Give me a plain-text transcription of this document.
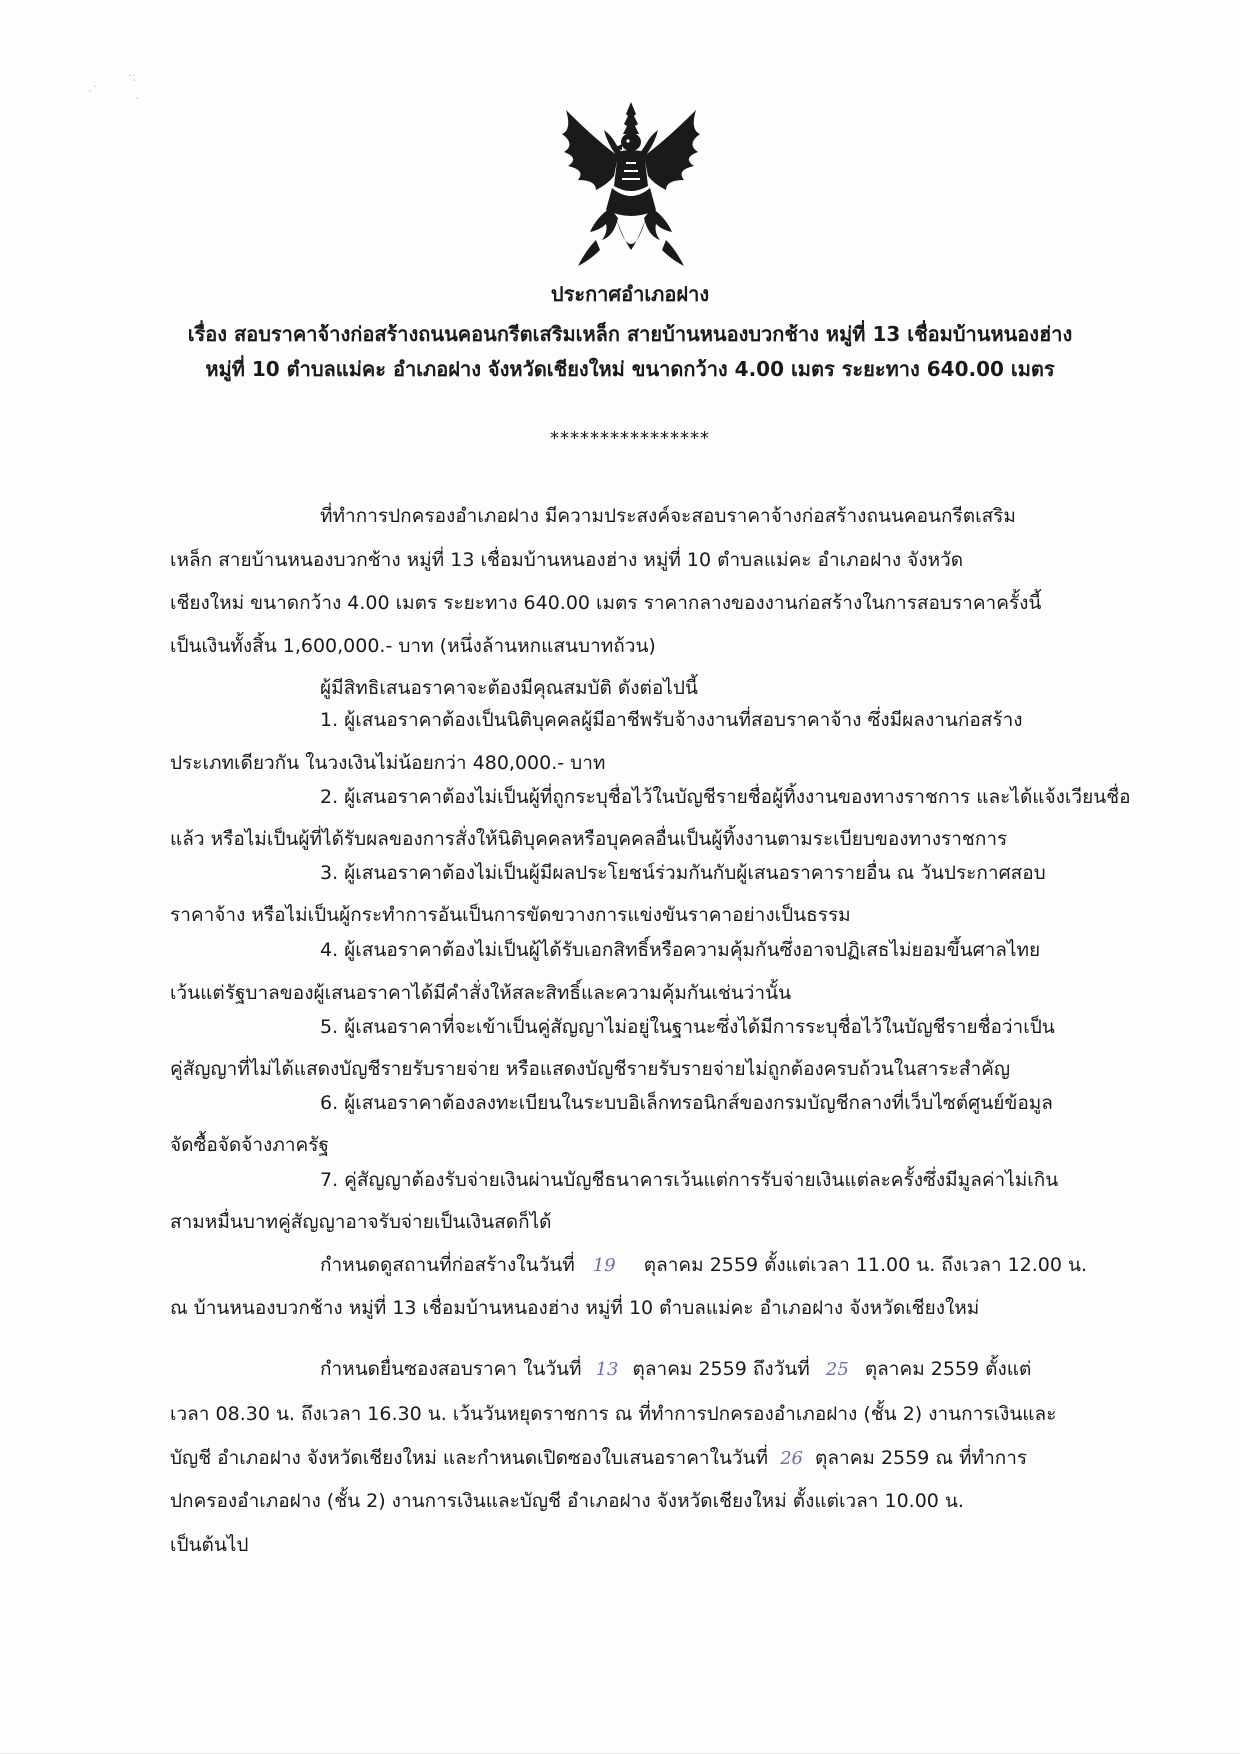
·˙
ˑ:
˙
ประกาศอำเภอฝาง
เรื่อง สอบราคาจ้างก่อสร้างถนนคอนกรีตเสริมเหล็ก สายบ้านหนองบวกช้าง หมู่ที่ 13 เชื่อมบ้านหนองฮ่าง
หมู่ที่ 10 ตำบลแม่คะ อำเภอฝาง จังหวัดเชียงใหม่ ขนาดกว้าง 4.00 เมตร ระยะทาง 640.00 เมตร
****************
ที่ทำการปกครองอำเภอฝาง มีความประสงค์จะสอบราคาจ้างก่อสร้างถนนคอนกรีตเสริม
เหล็ก สายบ้านหนองบวกช้าง หมู่ที่ 13 เชื่อมบ้านหนองฮ่าง หมู่ที่ 10 ตำบลแม่คะ อำเภอฝาง จังหวัด
เชียงใหม่ ขนาดกว้าง 4.00 เมตร ระยะทาง 640.00 เมตร ราคากลางของงานก่อสร้างในการสอบราคาครั้งนี้
เป็นเงินทั้งสิ้น 1,600,000.- บาท (หนึ่งล้านหกแสนบาทถ้วน)
ผู้มีสิทธิเสนอราคาจะต้องมีคุณสมบัติ ดังต่อไปนี้
1. ผู้เสนอราคาต้องเป็นนิติบุคคลผู้มีอาชีพรับจ้างงานที่สอบราคาจ้าง ซึ่งมีผลงานก่อสร้าง
ประเภทเดียวกัน ในวงเงินไม่น้อยกว่า 480,000.- บาท
2. ผู้เสนอราคาต้องไม่เป็นผู้ที่ถูกระบุชื่อไว้ในบัญชีรายชื่อผู้ทิ้งงานของทางราชการ และได้แจ้งเวียนชื่อ
แล้ว หรือไม่เป็นผู้ที่ได้รับผลของการสั่งให้นิติบุคคลหรือบุคคลอื่นเป็นผู้ทิ้งงานตามระเบียบของทางราชการ
3. ผู้เสนอราคาต้องไม่เป็นผู้มีผลประโยชน์ร่วมกันกับผู้เสนอราคารายอื่น ณ วันประกาศสอบ
ราคาจ้าง หรือไม่เป็นผู้กระทำการอันเป็นการขัดขวางการแข่งขันราคาอย่างเป็นธรรม
4. ผู้เสนอราคาต้องไม่เป็นผู้ได้รับเอกสิทธิ์หรือความคุ้มกันซึ่งอาจปฏิเสธไม่ยอมขึ้นศาลไทย
เว้นแต่รัฐบาลของผู้เสนอราคาได้มีคำสั่งให้สละสิทธิ์และความคุ้มกันเช่นว่านั้น
5. ผู้เสนอราคาที่จะเข้าเป็นคู่สัญญาไม่อยู่ในฐานะซึ่งได้มีการระบุชื่อไว้ในบัญชีรายชื่อว่าเป็น
คู่สัญญาที่ไม่ได้แสดงบัญชีรายรับรายจ่าย หรือแสดงบัญชีรายรับรายจ่ายไม่ถูกต้องครบถ้วนในสาระสำคัญ
6. ผู้เสนอราคาต้องลงทะเบียนในระบบอิเล็กทรอนิกส์ของกรมบัญชีกลางที่เว็บไซต์ศูนย์ข้อมูล
จัดซื้อจัดจ้างภาครัฐ
7. คู่สัญญาต้องรับจ่ายเงินผ่านบัญชีธนาคารเว้นแต่การรับจ่ายเงินแต่ละครั้งซึ่งมีมูลค่าไม่เกิน
สามหมื่นบาทคู่สัญญาอาจรับจ่ายเป็นเงินสดก็ได้
กำหนดดูสถานที่ก่อสร้างในวันที่ 19 ตุลาคม 2559 ตั้งแต่เวลา 11.00 น. ถึงเวลา 12.00 น.
ณ บ้านหนองบวกช้าง หมู่ที่ 13 เชื่อมบ้านหนองฮ่าง หมู่ที่ 10 ตำบลแม่คะ อำเภอฝาง จังหวัดเชียงใหม่
กำหนดยื่นซองสอบราคา ในวันที่ 13 ตุลาคม 2559 ถึงวันที่ 25 ตุลาคม 2559 ตั้งแต่
เวลา 08.30 น. ถึงเวลา 16.30 น. เว้นวันหยุดราชการ ณ ที่ทำการปกครองอำเภอฝาง (ชั้น 2) งานการเงินและ
บัญชี อำเภอฝาง จังหวัดเชียงใหม่ และกำหนดเปิดซองใบเสนอราคาในวันที่ 26 ตุลาคม 2559 ณ ที่ทำการ
ปกครองอำเภอฝาง (ชั้น 2) งานการเงินและบัญชี อำเภอฝาง จังหวัดเชียงใหม่ ตั้งแต่เวลา 10.00 น.
เป็นต้นไป
